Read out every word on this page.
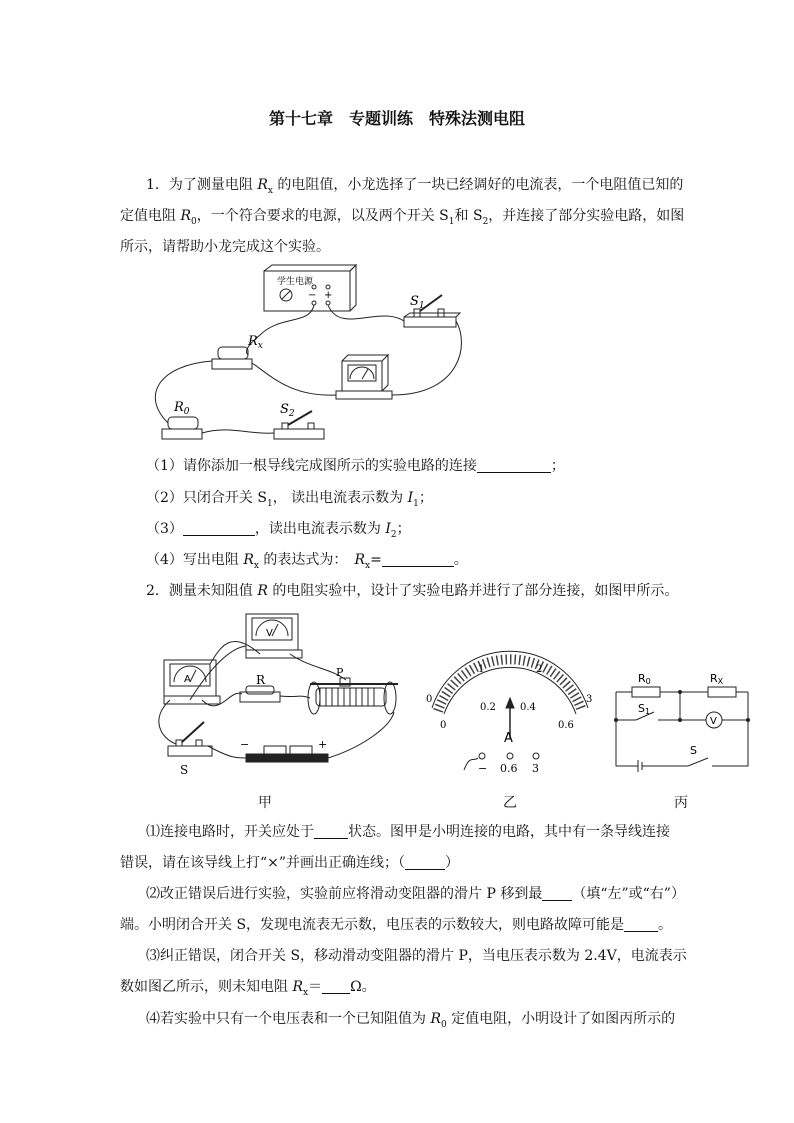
第十七章　专题训练　特殊法测电阻
1．为了测量电阻 $R_x$ 的电阻值，小龙选择了一块已经调好的电流表，一个电阻值已知的
定值电阻 $R_0$，一个符合要求的电源，以及两个开关 $S_1$和 $S_2$，并连接了部分实验电路，如图
所示，请帮助小龙完成这个实验。
学生电源
− +	$S_1$
$R_x$
$R_0$	$S_2$
（1）请你添加一根导线完成图所示的实验电路的连接	；
（2）只闭合开关 $S_1$， 读出电流表示数为 $I_1$；
（3）	，读出电流表示数为 $I_2$；
（4）写出电阻 $R_x$ 的表达式为：　$R_x=$	。
2．测量未知阻值 R 的电阻实验中，设计了实验电路并进行了部分连接，如图甲所示。
V
A	R
P
S
−	+
0
1	2
3
0
0.2 0.4
0.6
A
− 0.6 3
R0	RX
S1
S
V
甲	乙	丙
⑴连接电路时，开关应处于 状态。图甲是小明连接的电路，其中有一条导线连接
错误，请在该导线上打“×”并画出正确连线；（	）
⑵改正错误后进行实验，实验前应将滑动变阻器的滑片 P 移到最 （填“左”或“右”）
端。小明闭合开关 S，发现电流表无示数，电压表的示数较大，则电路故障可能是 。
⑶纠正错误，闭合开关 S，移动滑动变阻器的滑片 P，当电压表示数为 2.4V，电流表示
数如图乙所示，则未知电阻 $R_x= \Omega$。
⑷若实验中只有一个电压表和一个已知阻值为 $R_0$ 定值电阻，小明设计了如图丙所示的
